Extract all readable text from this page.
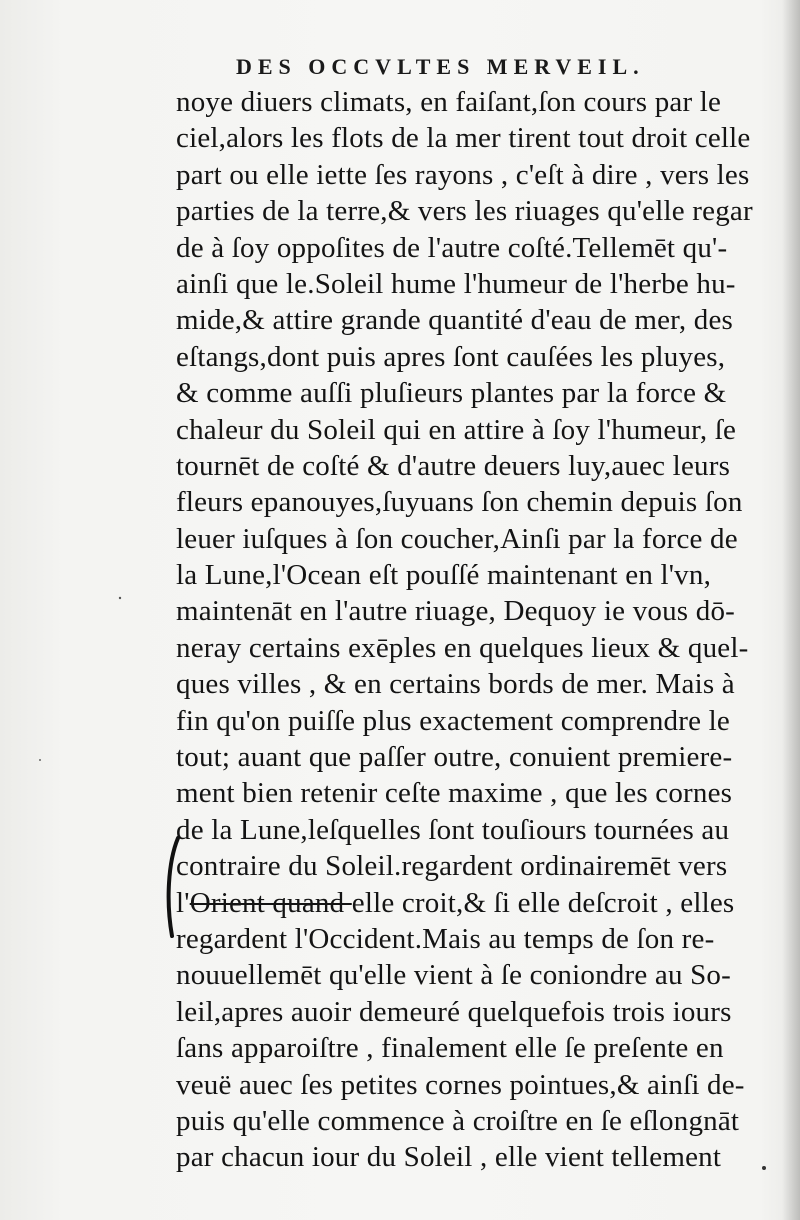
DES OCCVLTES MERVEIL.
noye diuers climats, en faiſant,ſon cours par le
ciel,alors les flots de la mer tirent tout droit celle
part ou elle iette ſes rayons , c'eſt à dire , vers les
parties de la terre,& vers les riuages qu'elle regar
de à ſoy oppoſites de l'autre coſté.Tellemēt qu'-
ainſi que le.Soleil hume l'humeur de l'herbe hu-
mide,& attire grande quantité d'eau de mer, des
eſtangs,dont puis apres ſont cauſées les pluyes,
& comme auſſi pluſieurs plantes par la force &
chaleur du Soleil qui en attire à ſoy l'humeur, ſe
tournēt de coſté & d'autre deuers luy,auec leurs
fleurs epanouyes,ſuyuans ſon chemin depuis ſon
leuer iuſques à ſon coucher,Ainſi par la force de
la Lune,l'Ocean eſt pouſſé maintenant en l'vn,
maintenāt en l'autre riuage, Dequoy ie vous dō-
neray certains exēples en quelques lieux & quel-
ques villes , & en certains bords de mer. Mais à
fin qu'on puiſſe plus exactement comprendre le
tout; auant que paſſer outre, conuient premiere-
ment bien retenir ceſte maxime , que les cornes
de la Lune,leſquelles ſont touſiours tournées au
contraire du Soleil.regardent ordinairemēt vers
l'Orient quand elle croit,& ſi elle deſcroit , elles
regardent l'Occident.Mais au temps de ſon re-
nouuellemēt qu'elle vient à ſe coniondre au So-
leil,apres auoir demeuré quelquefois trois iours
ſans apparoiſtre , finalement elle ſe preſente en
veuë auec ſes petites cornes pointues,& ainſi de-
puis qu'elle commence à croiſtre en ſe eſlongnāt
par chacun iour du Soleil , elle vient tellement
